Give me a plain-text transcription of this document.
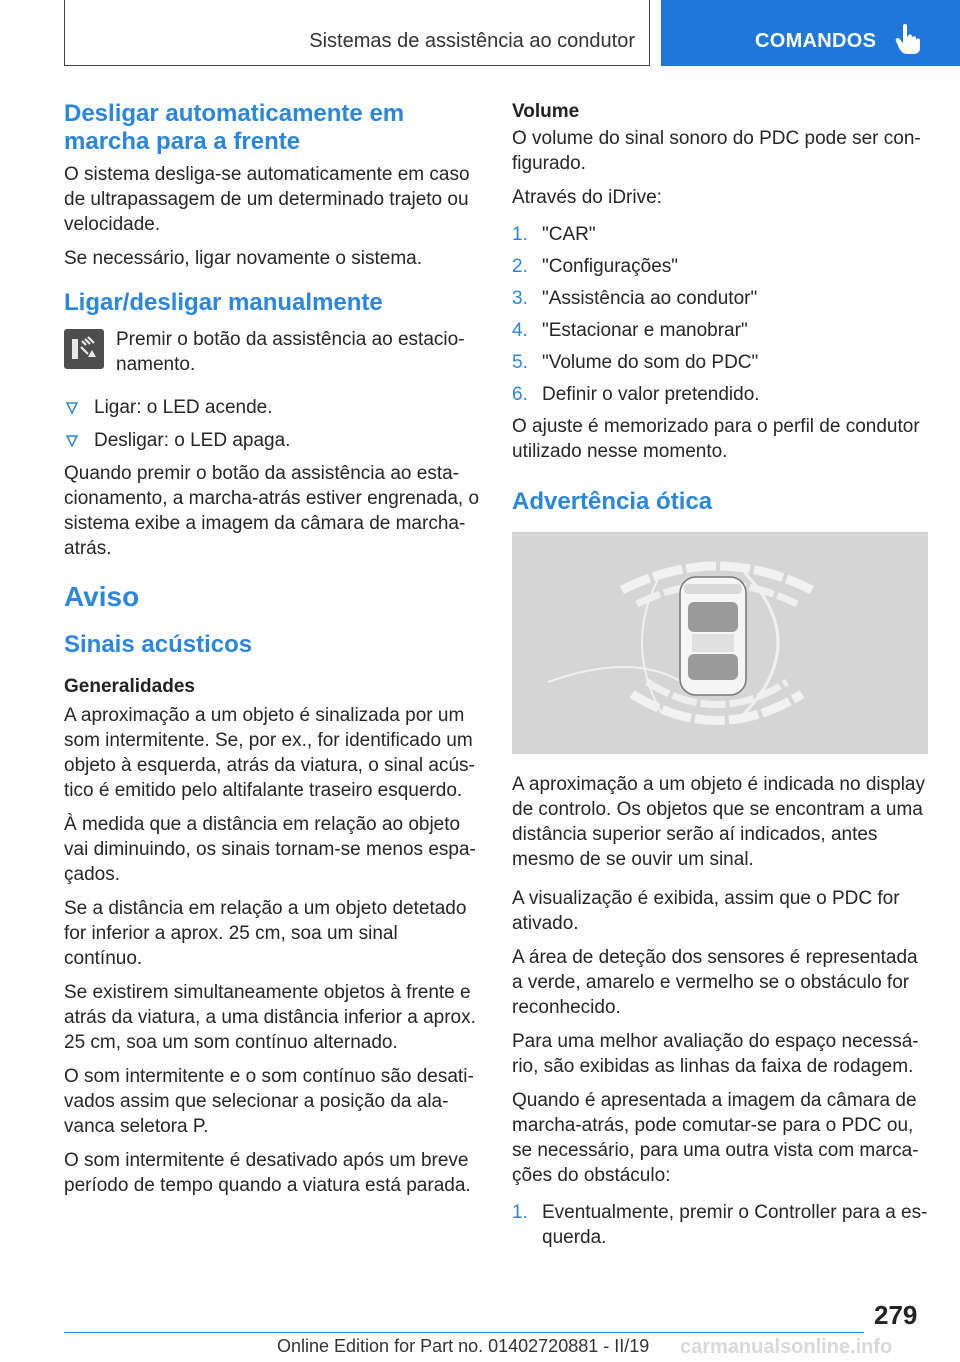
Sistemas de assistência ao condutor	COMANDOS
Desligar automaticamente em marcha para a frente

O sistema desliga-se automaticamente em caso de ultrapassagem de um determinado trajeto ou velocidade.

Se necessário, ligar novamente o sistema.

Ligar/desligar manualmente

Premir o botão da assistência ao estacionamento.

Ligar: o LED acende.

Desligar: o LED apaga.

Quando premir o botão da assistência ao estacionamento, a marcha-atrás estiver engrenada, o sistema exibe a imagem da câmara de marcha-atrás.

Aviso
Sinais acústicos
Generalidades

A aproximação a um objeto é sinalizada por um som intermitente. Se, por ex., for identificado um objeto à esquerda, atrás da viatura, o sinal acústico é emitido pelo altifalante traseiro esquerdo.

À medida que a distância em relação ao objeto vai diminuindo, os sinais tornam-se menos espaçados.

Se a distância em relação a um objeto detetado for inferior a aprox. 25 cm, soa um sinal contínuo.

Se existirem simultaneamente objetos à frente e atrás da viatura, a uma distância inferior a aprox. 25 cm, soa um som contínuo alternado.

O som intermitente e o som contínuo são desativados assim que selecionar a posição da alavanca seletora P.

O som intermitente é desativado após um breve período de tempo quando a viatura está parada.

Volume

O volume do sinal sonoro do PDC pode ser configurado.

Através do iDrive:

1. "CAR"

2. "Configurações"

3. "Assistência ao condutor"

4. "Estacionar e manobrar"

5. "Volume do som do PDC"

6. Definir o valor pretendido.

O ajuste é memorizado para o perfil de condutor utilizado nesse momento.

Advertência ótica

A aproximação a um objeto é indicada no display de controlo. Os objetos que se encontram a uma distância superior serão aí indicados, antes mesmo de se ouvir um sinal.

A visualização é exibida, assim que o PDC for ativado.

A área de deteção dos sensores é representada a verde, amarelo e vermelho se o obstáculo for reconhecido.

Para uma melhor avaliação do espaço necessário, são exibidas as linhas da faixa de rodagem.

Quando é apresentada a imagem da câmara de marcha-atrás, pode comutar-se para o PDC ou, se necessário, para uma outra vista com marcações do obstáculo:

1. Eventualmente, premir o Controller para a esquerda.

279
Online Edition for Part no. 01402720881 - II/19 carmanualsonline.info
